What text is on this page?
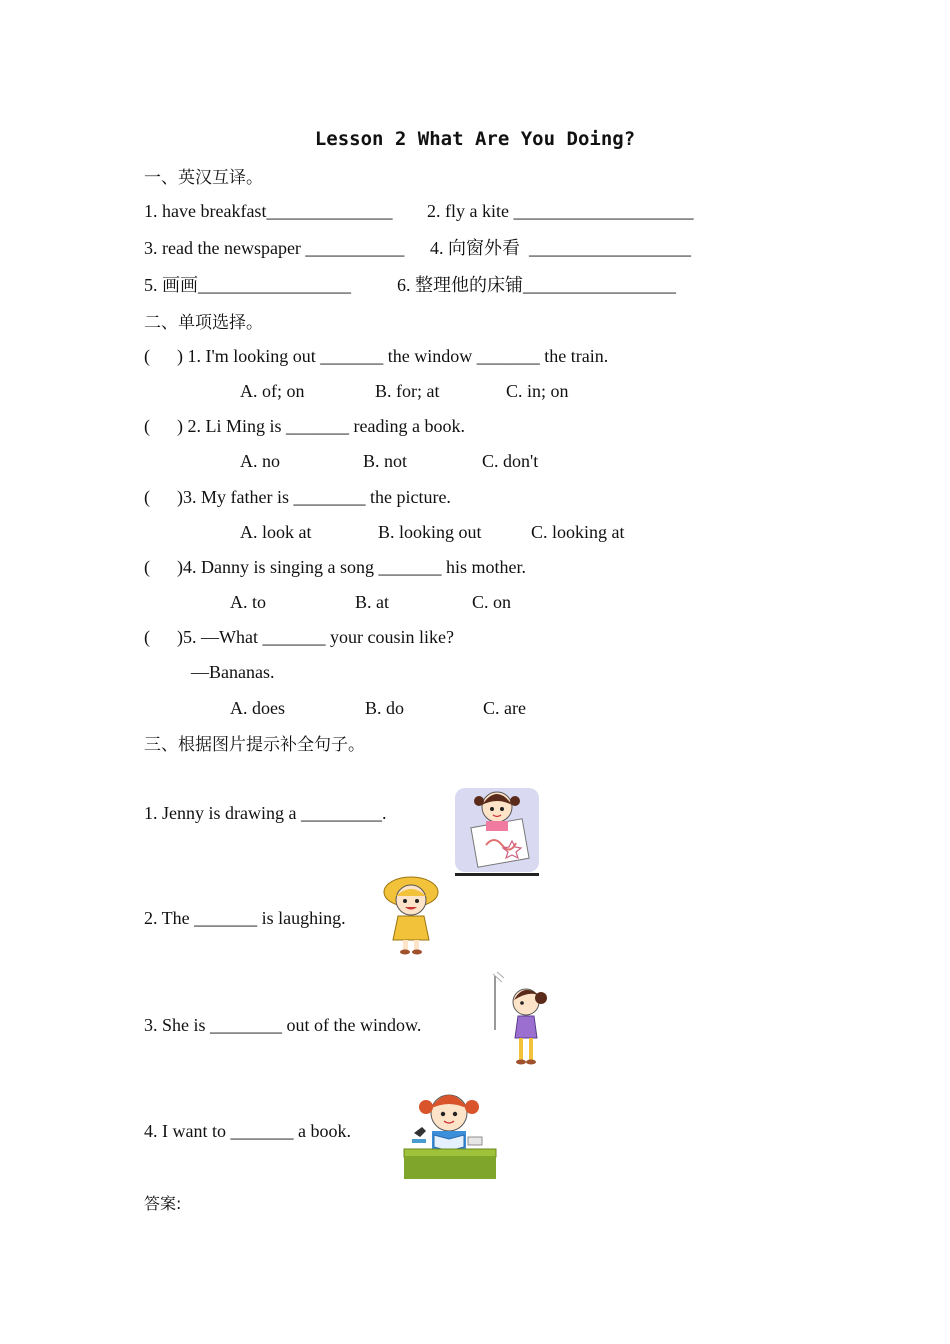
Lesson 2 What Are You Doing?
一、英汉互译。
1. have breakfast______________ 2. fly a kite ____________________
3. read the newspaper ___________ 4. 向窗外看  __________________
5. 画画_________________	6. 整理他的床铺_________________
二、单项选择。
(      ) 1. I'm looking out _______ the window _______ the train.
A. of; on	B. for; at	C. in; on
(      ) 2. Li Ming is _______ reading a book.
A. no	B. not	C. don't
(      )3. My father is ________ the picture.
A. look at	B. looking out	C. looking at
(      )4. Danny is singing a song _______ his mother.
A. to	B. at	C. on
(      )5. —What _______ your cousin like?
—Bananas.
A. does	B. do	C. are
三、根据图片提示补全句子。
1. Jenny is drawing a _________.
2. The _______ is laughing.
3. She is ________ out of the window.
4. I want to _______ a book.
答案:
